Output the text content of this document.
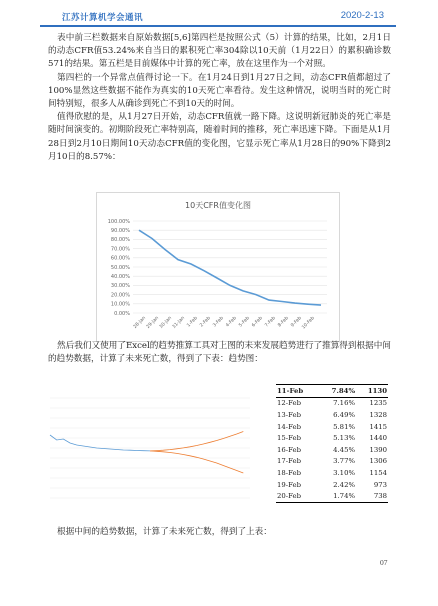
江苏计算机学会通讯	2020-2-13

表中前三栏数据来自原始数据[5,6]第四栏是按照公式（5）计算的结果，比如，2月1日的动态CFR值53.24%来自当日的累积死亡率304除以10天前（1月22日）的累积确诊数571的结果。第五栏是目前媒体中计算的死亡率，放在这里作为一个对照。

第四栏的一个异常点值得讨论一下。在1月24日到1月27日之间，动态CFR值都超过了100%显然这些数据不能作为真实的10天死亡率看待。发生这种情况，说明当时的死亡时间特别短，很多人从确诊到死亡不到10天的时间。

值得欣慰的是，从1月27日开始，动态CFR值就一路下降。这说明新冠肺炎的死亡率是随时间演变的。初期阶段死亡率特别高，随着时间的推移，死亡率迅速下降。下面是从1月28日到2月10日期间10天动态CFR值的变化图，它显示死亡率从1月28日的90%下降到2月10日的8.57%：

10天CFR值变化图
0.00%
10.00%
20.00%
30.00%
40.00%
50.00%
60.00%
70.00%
80.00%
90.00%
100.00%
28-Jan
29-Jan
30-Jan
31-Jan 1-Feb 2-Feb 3-Feb 4-Feb 5-Feb 6-Feb 7-Feb 8-Feb 9-Feb
10-Feb

然后我们又使用了Excel的趋势推算工具对上图的未来发展趋势进行了推算得到根据中间的趋势数据，计算了未来死亡数，得到了下表：趋势图：

11-Feb	7.84%	1130
12-Feb	7.16%	1235
13-Feb	6.49%	1328
14-Feb	5.81%	1415
15-Feb	5.13%	1440
16-Feb	4.45%	1390
17-Feb	3.77%	1306
18-Feb	3.10%	1154
19-Feb	2.42%	973
20-Feb	1.74%	738

根据中间的趋势数据，计算了未来死亡数，得到了上表：

07
